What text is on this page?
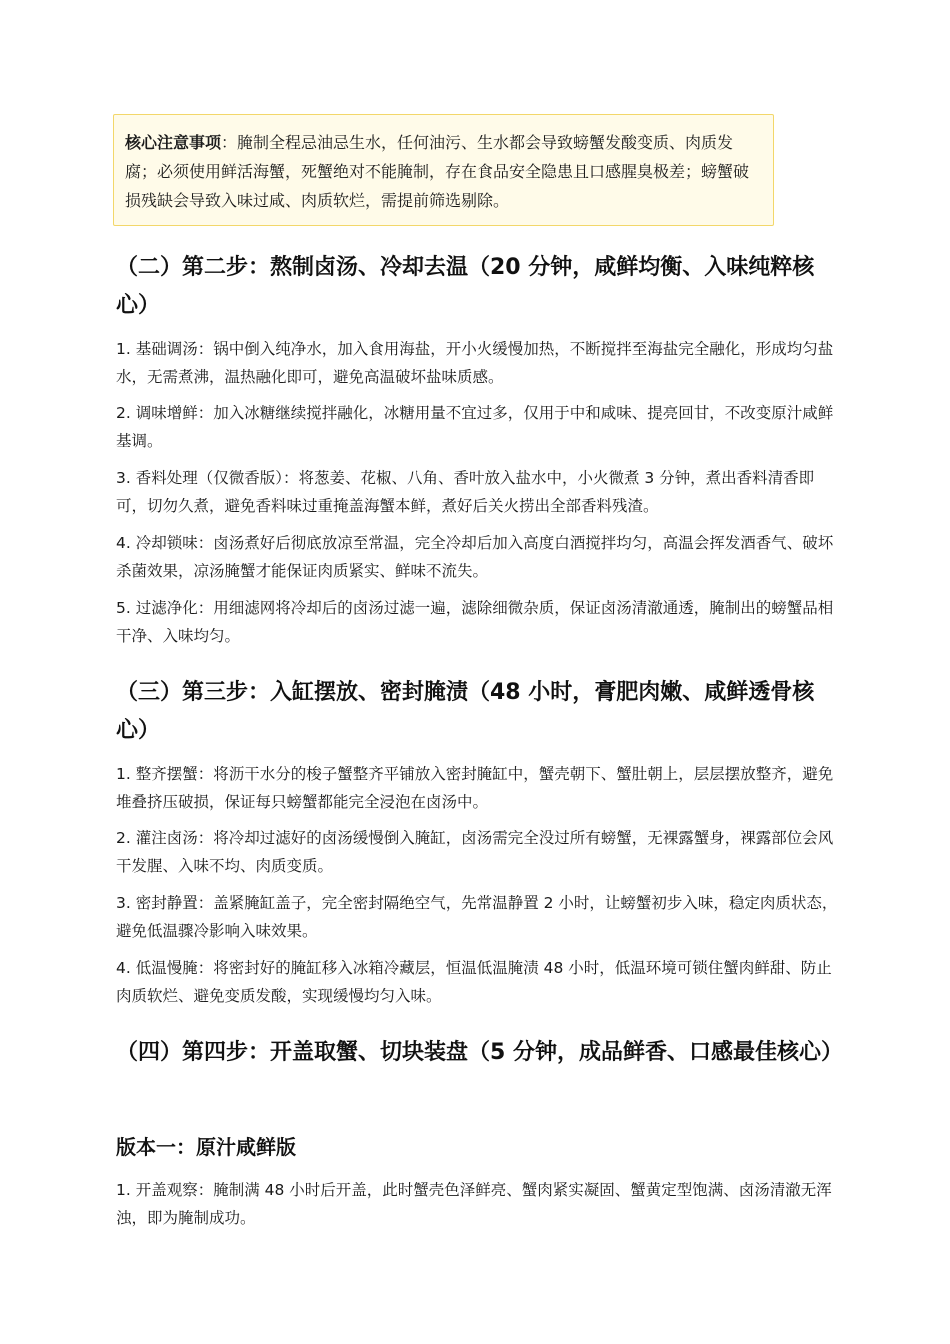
核心注意事项：腌制全程忌油忌生水，任何油污、生水都会导致螃蟹发酸变质、肉质发腐；必须使用鲜活海蟹，死蟹绝对不能腌制，存在食品安全隐患且口感腥臭极差；螃蟹破损残缺会导致入味过咸、肉质软烂，需提前筛选剔除。
（二）第二步：熬制卤汤、冷却去温（20 分钟，咸鲜均衡、入味纯粹核心）

1. 基础调汤：锅中倒入纯净水，加入食用海盐，开小火缓慢加热，不断搅拌至海盐完全融化，形成均匀盐水，无需煮沸，温热融化即可，避免高温破坏盐味质感。

2. 调味增鲜：加入冰糖继续搅拌融化，冰糖用量不宜过多，仅用于中和咸味、提亮回甘，不改变原汁咸鲜基调。

3. 香料处理（仅微香版）：将葱姜、花椒、八角、香叶放入盐水中，小火微煮 3 分钟，煮出香料清香即可，切勿久煮，避免香料味过重掩盖海蟹本鲜，煮好后关火捞出全部香料残渣。

4. 冷却锁味：卤汤煮好后彻底放凉至常温，完全冷却后加入高度白酒搅拌均匀，高温会挥发酒香气、破坏杀菌效果，凉汤腌蟹才能保证肉质紧实、鲜味不流失。

5. 过滤净化：用细滤网将冷却后的卤汤过滤一遍，滤除细微杂质，保证卤汤清澈通透，腌制出的螃蟹品相干净、入味均匀。

（三）第三步：入缸摆放、密封腌渍（48 小时，膏肥肉嫩、咸鲜透骨核心）

1. 整齐摆蟹：将沥干水分的梭子蟹整齐平铺放入密封腌缸中，蟹壳朝下、蟹肚朝上，层层摆放整齐，避免堆叠挤压破损，保证每只螃蟹都能完全浸泡在卤汤中。

2. 灌注卤汤：将冷却过滤好的卤汤缓慢倒入腌缸，卤汤需完全没过所有螃蟹，无裸露蟹身，裸露部位会风干发腥、入味不均、肉质变质。

3. 密封静置：盖紧腌缸盖子，完全密封隔绝空气，先常温静置 2 小时，让螃蟹初步入味，稳定肉质状态，避免低温骤冷影响入味效果。

4. 低温慢腌：将密封好的腌缸移入冰箱冷藏层，恒温低温腌渍 48 小时，低温环境可锁住蟹肉鲜甜、防止肉质软烂、避免变质发酸，实现缓慢均匀入味。

（四）第四步：开盖取蟹、切块装盘（5 分钟，成品鲜香、口感最佳核心）
版本一：原汁咸鲜版

1. 开盖观察：腌制满 48 小时后开盖，此时蟹壳色泽鲜亮、蟹肉紧实凝固、蟹黄定型饱满、卤汤清澈无浑浊，即为腌制成功。
